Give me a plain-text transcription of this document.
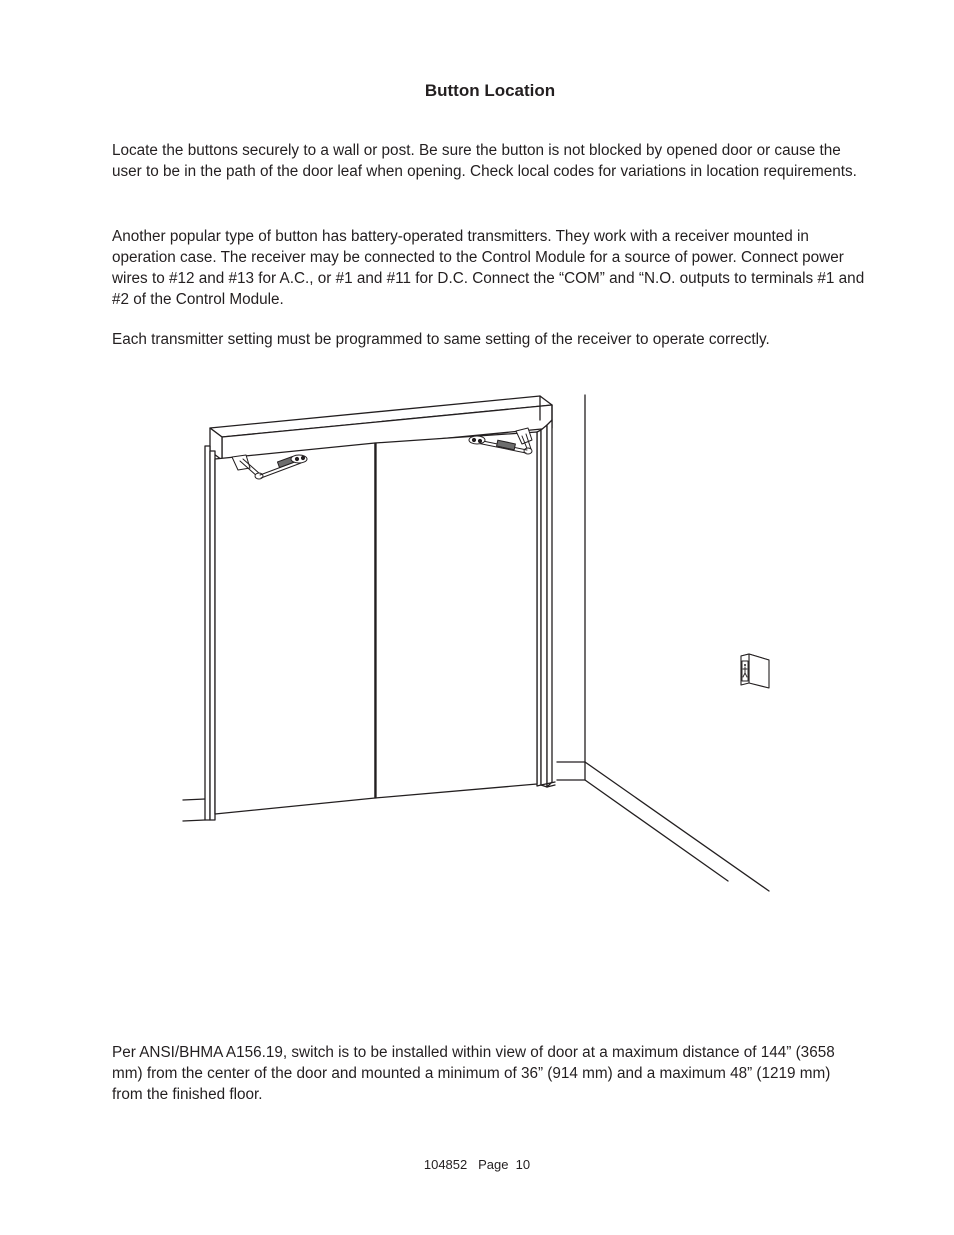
Button Location

Locate the buttons securely to a wall or post. Be sure the button is not blocked by opened door or cause the user to be in the path of the door leaf when opening. Check local codes for variations in location requirements.

Another popular type of button has battery-operated transmitters. They work with a receiver mounted in operation case. The receiver may be connected to the Control Module for a source of power. Connect power wires to #12 and #13 for A.C., or #1 and #11 for D.C. Connect the “COM” and “N.O. outputs to terminals #1 and #2 of the Control Module.

Each transmitter setting must be programmed to same setting of the receiver to operate correctly.

Per ANSI/BHMA A156.19, switch is to be installed within view of door at a maximum distance of 144” (3658 mm) from the center of the door and mounted a minimum of 36” (914 mm) and a maximum 48” (1219 mm) from the finished floor.

104852   Page  10
